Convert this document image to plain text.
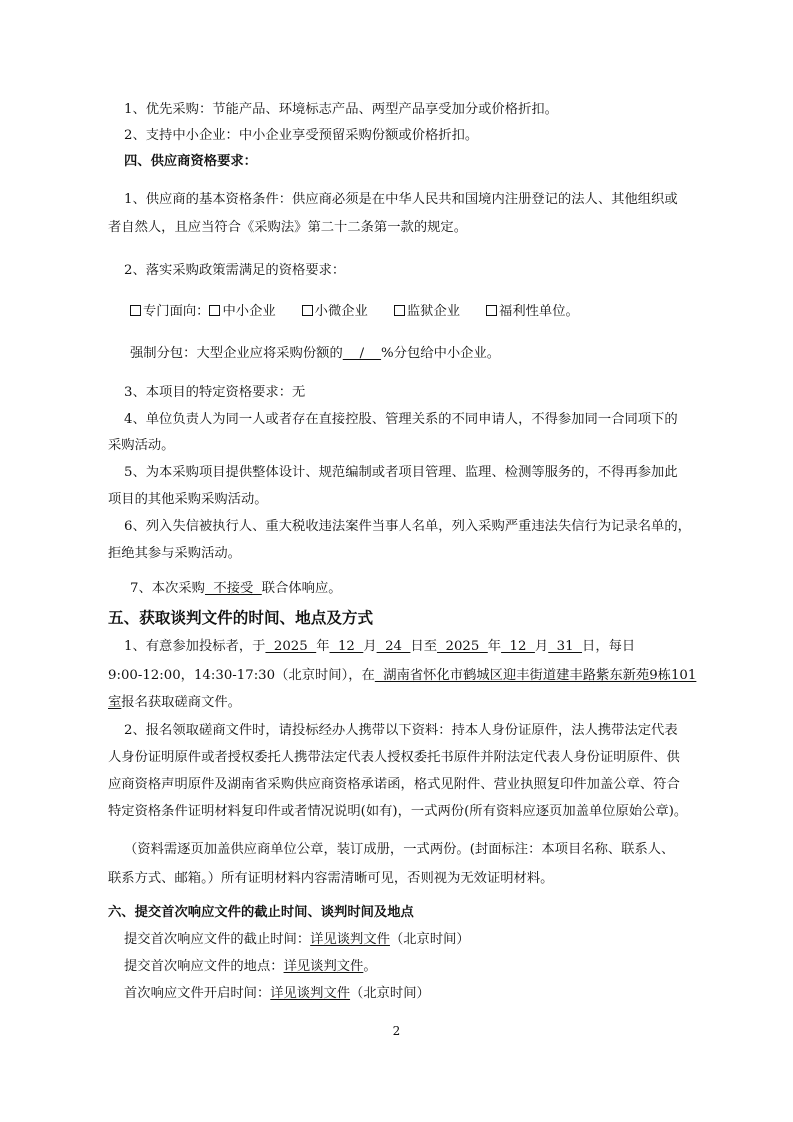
1、优先采购：节能产品、环境标志产品、两型产品享受加分或价格折扣。
2、支持中小企业：中小企业享受预留采购份额或价格折扣。
四、供应商资格要求：
1、供应商的基本资格条件：供应商必须是在中华人民共和国境内注册登记的法人、其他组织或
者自然人，且应当符合《采购法》第二十二条第一款的规定。
2、落实采购政策需满足的资格要求：
专门面向： 中小企业	小微企业	监狱企业	福利性单位。
强制分包：大型企业应将采购份额的    /    %分包给中小企业。
3、本项目的特定资格要求：无
4、单位负责人为同一人或者存在直接控股、管理关系的不同申请人，不得参加同一合同项下的
采购活动。
5、为本采购项目提供整体设计、规范编制或者项目管理、监理、检测等服务的，不得再参加此
项目的其他采购采购活动。
6、列入失信被执行人、重大税收违法案件当事人名单，列入采购严重违法失信行为记录名单的，
拒绝其参与采购活动。
7、本次采购  不接受  联合体响应。
五、获取谈判文件的时间、地点及方式
1、有意参加投标者，于  2025  年  12  月  24  日至  2025  年  12  月  31  日，每日
9:00-12:00，14:30-17:30（北京时间），在  湖南省怀化市鹤城区迎丰街道建丰路紫东新苑9栋101
室报名获取磋商文件。
2、报名领取磋商文件时，请投标经办人携带以下资料：持本人身份证原件，法人携带法定代表
人身份证明原件或者授权委托人携带法定代表人授权委托书原件并附法定代表人身份证明原件、供
应商资格声明原件及湖南省采购供应商资格承诺函，格式见附件、营业执照复印件加盖公章、符合
特定资格条件证明材料复印件或者情况说明(如有)，一式两份(所有资料应逐页加盖单位原始公章)。
（资料需逐页加盖供应商单位公章，装订成册，一式两份。(封面标注：本项目名称、联系人、
联系方式、邮箱。）所有证明材料内容需清晰可见，否则视为无效证明材料。
六、提交首次响应文件的截止时间、谈判时间及地点
提交首次响应文件的截止时间：详见谈判文件（北京时间）
提交首次响应文件的地点：详见谈判文件。
首次响应文件开启时间：详见谈判文件（北京时间）
2
